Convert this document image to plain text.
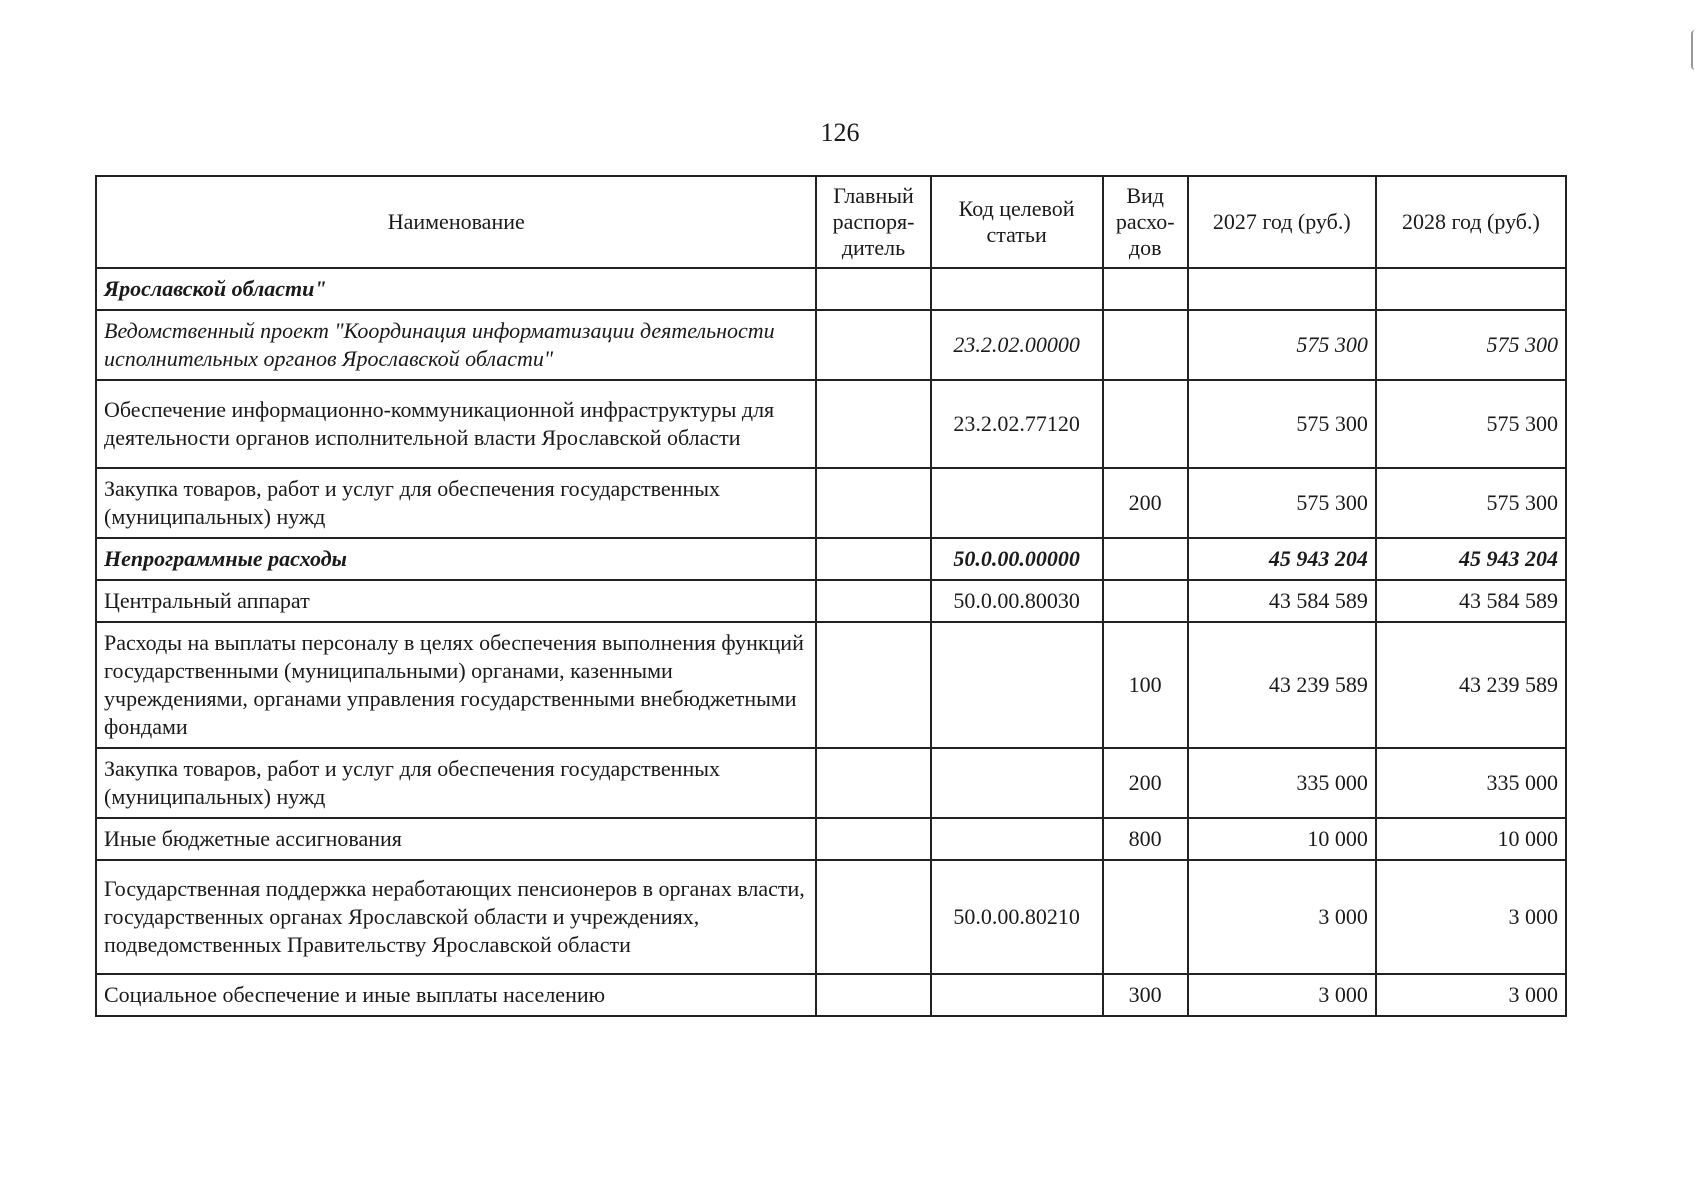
126
Наименование	Главный распоря-дитель	Код целевой статьи	Вид расхо-дов	2027 год (руб.)	2028 год (руб.)
Ярославской области"					
Ведомственный проект "Координация информатизации деятельности исполнительных органов Ярославской области"		23.2.02.00000		575 300	575 300
Обеспечение информационно-коммуникационной инфраструктуры для деятельности органов исполнительной власти Ярославской области		23.2.02.77120		575 300	575 300
Закупка товаров, работ и услуг для обеспечения государственных (муниципальных) нужд			200	575 300	575 300
Непрограммные расходы		50.0.00.00000		45 943 204	45 943 204
Центральный аппарат		50.0.00.80030		43 584 589	43 584 589
Расходы на выплаты персоналу в целях обеспечения выполнения функций государственными (муниципальными) органами, казенными учреждениями, органами управления государственными внебюджетными фондами			100	43 239 589	43 239 589
Закупка товаров, работ и услуг для обеспечения государственных (муниципальных) нужд			200	335 000	335 000
Иные бюджетные ассигнования			800	10 000	10 000
Государственная поддержка неработающих пенсионеров в органах власти, государственных органах Ярославской области и учреждениях, подведомственных Правительству Ярославской области		50.0.00.80210		3 000	3 000
Социальное обеспечение и иные выплаты населению			300	3 000	3 000
